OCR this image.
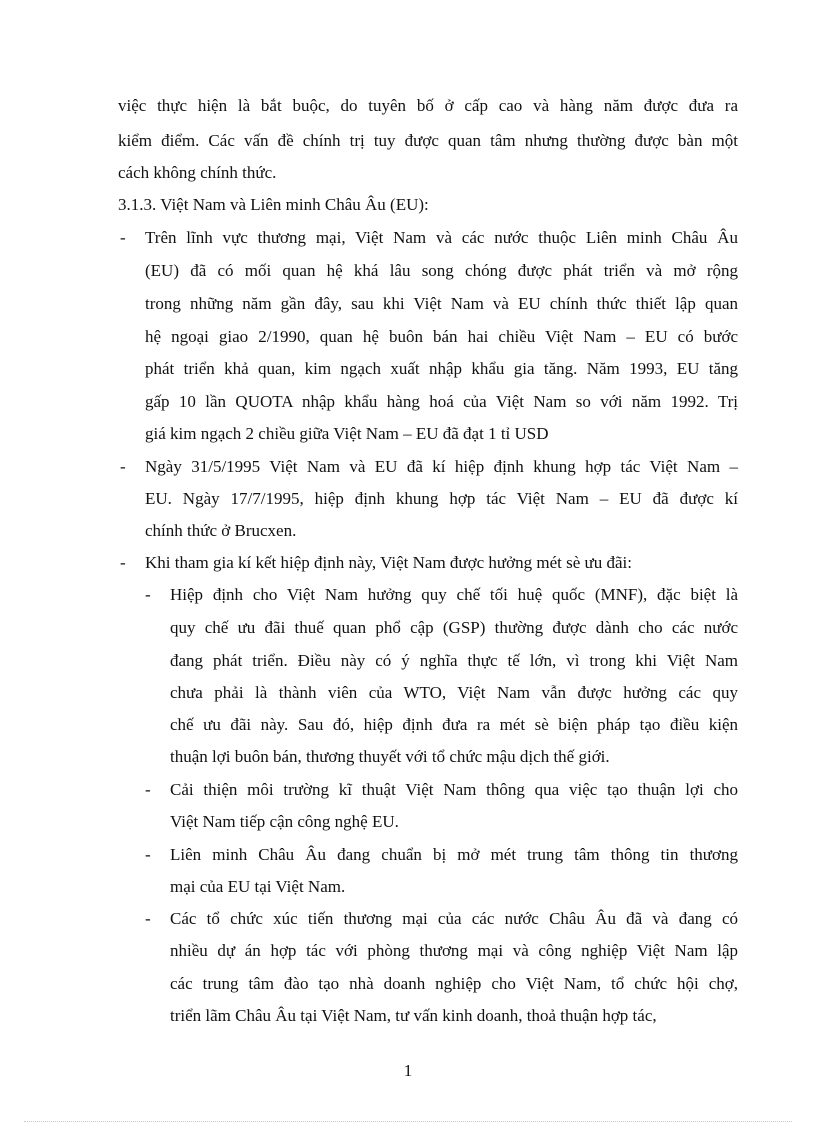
việc thực hiện là bắt buộc, do tuyên bố ở cấp cao và hàng năm được đưa ra
kiểm điểm. Các vấn đề chính trị tuy được quan tâm nhưng thường được bàn một
cách không chính thức.
3.1.3. Việt Nam và Liên minh Châu Âu (EU):
- Trên lĩnh vực thương mại, Việt Nam và các nước thuộc Liên minh Châu Âu
(EU) đã có mối quan hệ khá lâu song chóng được phát triển và mở rộng
trong những năm gần đây, sau khi Việt Nam và EU chính thức thiết lập quan
hệ ngoại giao 2/1990, quan hệ buôn bán hai chiều Việt Nam – EU có bước
phát triển khả quan, kim ngạch xuất nhập khẩu gia tăng. Năm 1993, EU tăng
gấp 10 lần QUOTA nhập khẩu hàng hoá của Việt Nam so với năm 1992. Trị
giá kim ngạch 2 chiều giữa Việt Nam – EU đã đạt 1 tỉ USD
- Ngày 31/5/1995 Việt Nam và EU đã kí hiệp định khung hợp tác Việt Nam –
EU. Ngày 17/7/1995, hiệp định khung hợp tác Việt Nam – EU đã được kí
chính thức ở Brucxen.
- Khi tham gia kí kết hiệp định này, Việt Nam được hưởng mét sè ưu đãi:
- Hiệp định cho Việt Nam hưởng quy chế tối huệ quốc (MNF), đặc biệt là
quy chế ưu đãi thuế quan phổ cập (GSP) thường được dành cho các nước
đang phát triển. Điều này có ý nghĩa thực tế lớn, vì trong khi Việt Nam
chưa phải là thành viên của WTO, Việt Nam vẫn được hưởng các quy
chế ưu đãi này. Sau đó, hiệp định đưa ra mét sè biện pháp tạo điều kiện
thuận lợi buôn bán, thương thuyết với tổ chức mậu dịch thế giới.
- Cải thiện môi trường kĩ thuật Việt Nam thông qua việc tạo thuận lợi cho
Việt Nam tiếp cận công nghệ EU.
- Liên minh Châu Âu đang chuẩn bị mở mét trung tâm thông tin thương
mại của EU tại Việt Nam.
- Các tổ chức xúc tiến thương mại của các nước Châu Âu đã và đang có
nhiều dự án hợp tác với phòng thương mại và công nghiệp Việt Nam lập
các trung tâm đào tạo nhà doanh nghiệp cho Việt Nam, tổ chức hội chợ,
triển lãm Châu Âu tại Việt Nam, tư vấn kinh doanh, thoả thuận hợp tác,
1
